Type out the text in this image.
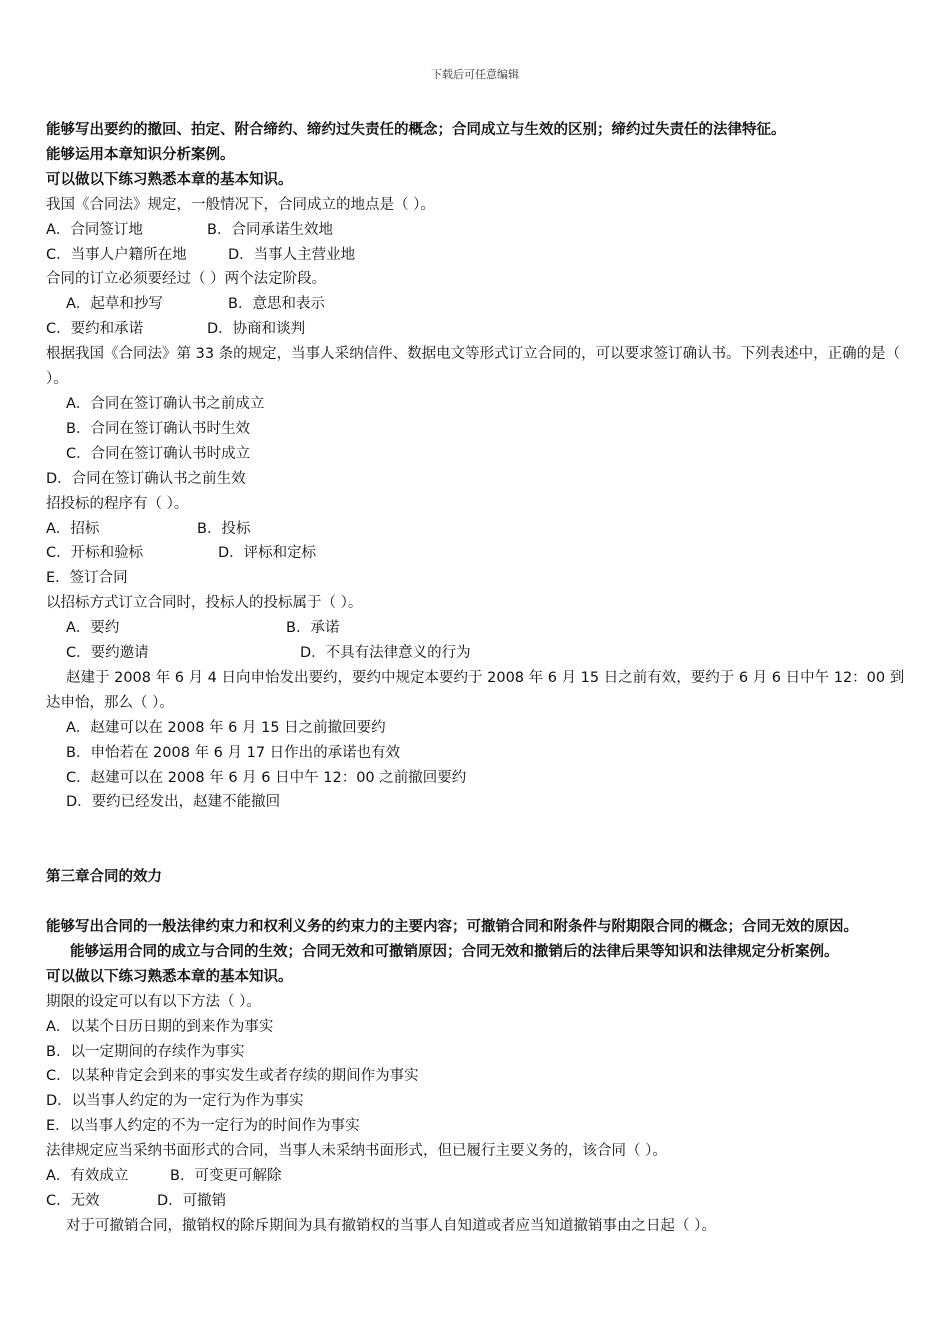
下载后可任意编辑
能够写出要约的撤回、拍定、附合缔约、缔约过失责任的概念；合同成立与生效的区别；缔约过失责任的法律特征。
能够运用本章知识分析案例。
可以做以下练习熟悉本章的基本知识。
我国《合同法》规定，一般情况下，合同成立的地点是（ ）。
A．合同签订地	B．合同承诺生效地
C．当事人户籍所在地	D．当事人主营业地
合同的订立必须要经过（ ）两个法定阶段。
A．起草和抄写	B．意思和表示
C．要约和承诺	D．协商和谈判
根据我国《合同法》第 33 条的规定，当事人采纳信件、数据电文等形式订立合同的，可以要求签订确认书。下列表述中，正确的是（ ）。
A．合同在签订确认书之前成立
B．合同在签订确认书时生效
C．合同在签订确认书时成立
D．合同在签订确认书之前生效
招投标的程序有（ ）。
A．招标	B．投标
C．开标和验标	D．评标和定标
E．签订合同
以招标方式订立合同时，投标人的投标属于（ ）。
A．要约	B．承诺
C．要约邀请	D．不具有法律意义的行为
赵建于 2008 年 6 月 4 日向申怡发出要约，要约中规定本要约于 2008 年 6 月 15 日之前有效，要约于 6 月 6 日中午 12：00 到达申怡，那么（ ）。
A．赵建可以在 2008 年 6 月 15 日之前撤回要约
B．申怡若在 2008 年 6 月 17 日作出的承诺也有效
C．赵建可以在 2008 年 6 月 6 日中午 12：00 之前撤回要约
D．要约已经发出，赵建不能撤回
第三章合同的效力
能够写出合同的一般法律约束力和权利义务的约束力的主要内容；可撤销合同和附条件与附期限合同的概念；合同无效的原因。
能够运用合同的成立与合同的生效；合同无效和可撤销原因；合同无效和撤销后的法律后果等知识和法律规定分析案例。
可以做以下练习熟悉本章的基本知识。
期限的设定可以有以下方法（ ）。
A．以某个日历日期的到来作为事实
B．以一定期间的存续作为事实
C．以某种肯定会到来的事实发生或者存续的期间作为事实
D．以当事人约定的为一定行为作为事实
E．以当事人约定的不为一定行为的时间作为事实
法律规定应当采纳书面形式的合同，当事人未采纳书面形式，但已履行主要义务的，该合同（ ）。
A．有效成立	B．可变更可解除
C．无效	D．可撤销
对于可撤销合同，撤销权的除斥期间为具有撤销权的当事人自知道或者应当知道撤销事由之日起（ ）。
